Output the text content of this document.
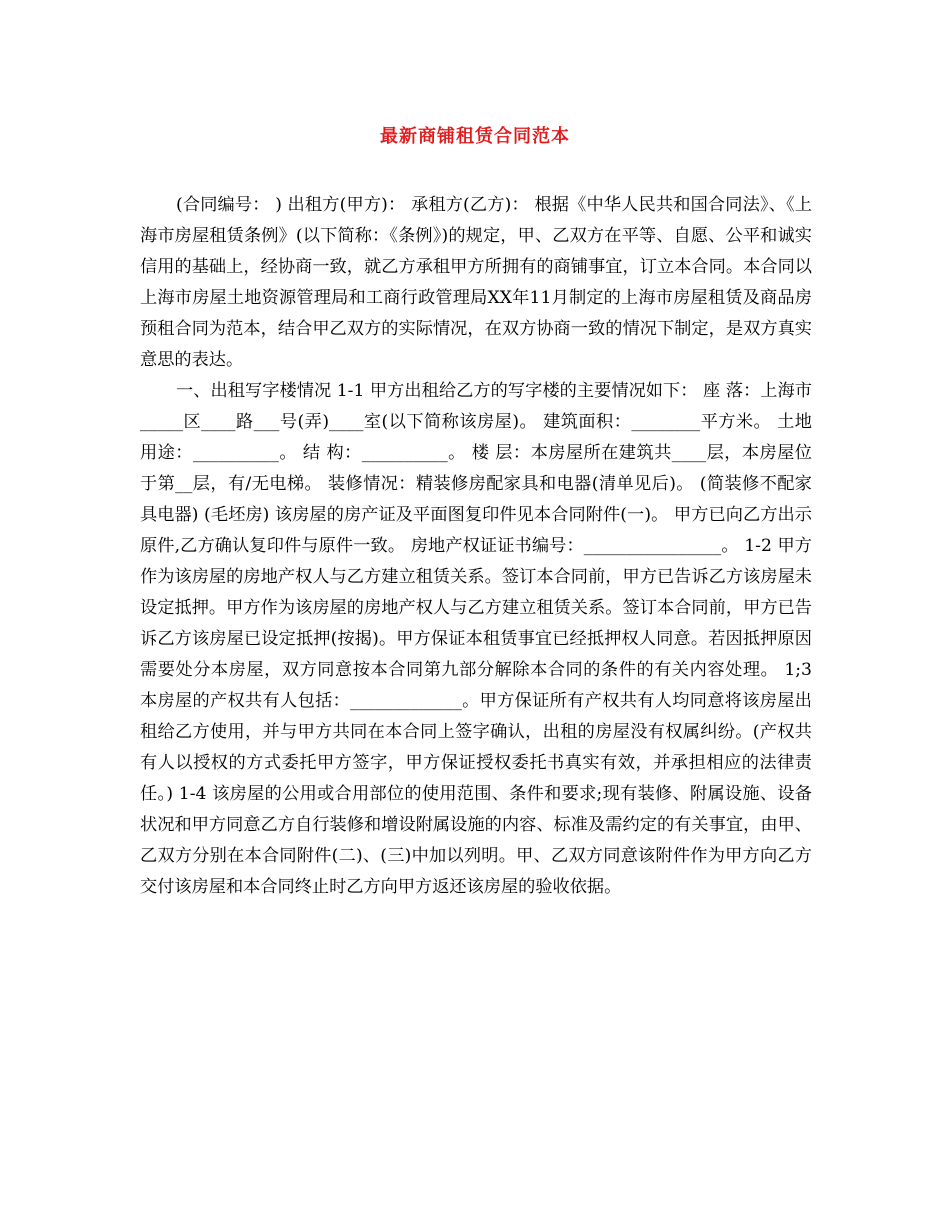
最新商铺租赁合同范本

(合同编号： ) 出租方(甲方)： 承租方(乙方)： 根据《中华人民共和国合同法》、《上海市房屋租赁条例》(以下简称：《条例》)的规定，甲、乙双方在平等、自愿、公平和诚实信用的基础上，经协商一致，就乙方承租甲方所拥有的商铺事宜，订立本合同。本合同以上海市房屋土地资源管理局和工商行政管理局XX年11月制定的上海市房屋租赁及商品房预租合同为范本，结合甲乙双方的实际情况，在双方协商一致的情况下制定，是双方真实意思的表达。

一、出租写字楼情况 1-1 甲方出租给乙方的写字楼的主要情况如下： 座 落：上海市_____区____路___号(弄)____室(以下简称该房屋)。 建筑面积：________平方米。 土地用途：__________。 结 构：__________。 楼 层：本房屋所在建筑共____层，本房屋位于第__层，有/无电梯。 装修情况：精装修房配家具和电器(清单见后)。 (简装修不配家具电器) (毛坯房) 该房屋的房产证及平面图复印件见本合同附件(一)。 甲方已向乙方出示原件,乙方确认复印件与原件一致。 房地产权证证书编号：________________。 1-2 甲方作为该房屋的房地产权人与乙方建立租赁关系。签订本合同前，甲方已告诉乙方该房屋未设定抵押。甲方作为该房屋的房地产权人与乙方建立租赁关系。签订本合同前，甲方已告诉乙方该房屋已设定抵押(按揭)。甲方保证本租赁事宜已经抵押权人同意。若因抵押原因需要处分本房屋，双方同意按本合同第九部分解除本合同的条件的有关内容处理。 1;3 本房屋的产权共有人包括：_____________。甲方保证所有产权共有人均同意将该房屋出租给乙方使用，并与甲方共同在本合同上签字确认，出租的房屋没有权属纠纷。(产权共有人以授权的方式委托甲方签字，甲方保证授权委托书真实有效，并承担相应的法律责任。) 1-4 该房屋的公用或合用部位的使用范围、条件和要求;现有装修、附属设施、设备状况和甲方同意乙方自行装修和增设附属设施的内容、标准及需约定的有关事宜，由甲、乙双方分别在本合同附件(二)、(三)中加以列明。甲、乙双方同意该附件作为甲方向乙方交付该房屋和本合同终止时乙方向甲方返还该房屋的验收依据。
